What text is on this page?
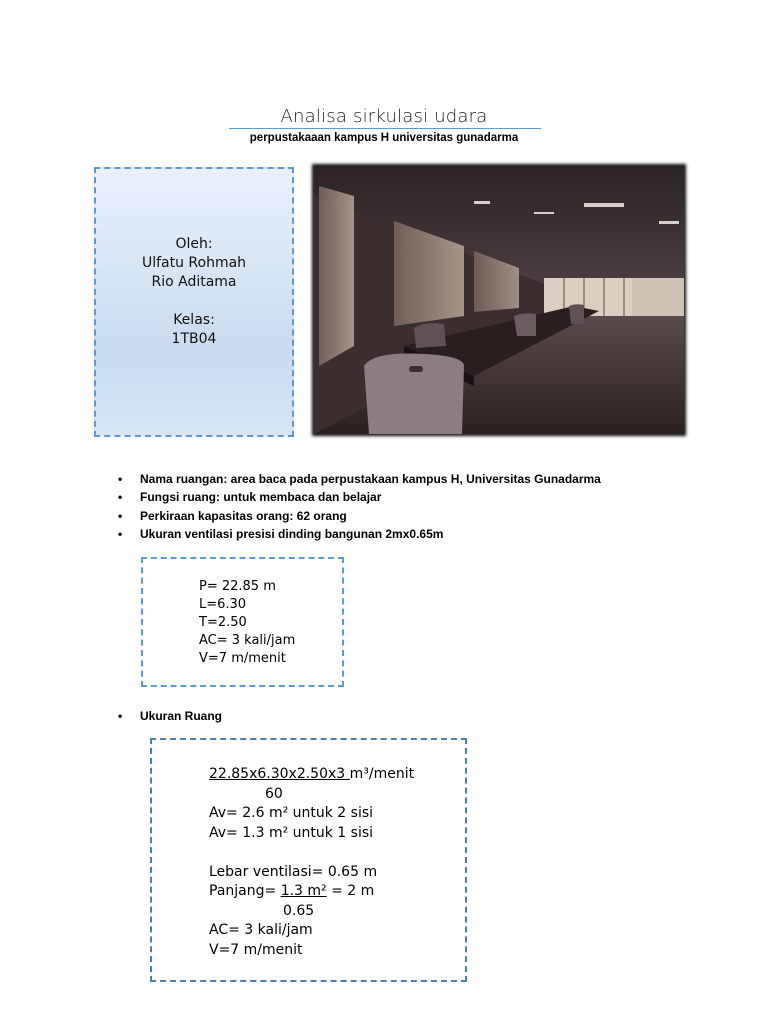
Analisa sirkulasi udara
perpustakaaan kampus H universitas gunadarma
Oleh:
Ulfatu Rohmah
Rio Aditama
Kelas:
1TB04
• Nama ruangan: area baca pada perpustakaan kampus H, Universitas Gunadarma
• Fungsi ruang: untuk membaca dan belajar
• Perkiraan kapasitas orang: 62 orang
• Ukuran ventilasi presisi dinding bangunan 2mx0.65m
P= 22.85 m
L=6.30
T=2.50
AC= 3 kali/jam
V=7 m/menit
• Ukuran Ruang
22.85x6.30x2.50x3 m³/menit
60
Av= 2.6 m² untuk 2 sisi
Av= 1.3 m² untuk 1 sisi
Lebar ventilasi= 0.65 m
Panjang= 1.3 m² = 2 m
0.65
AC= 3 kali/jam
V=7 m/menit
